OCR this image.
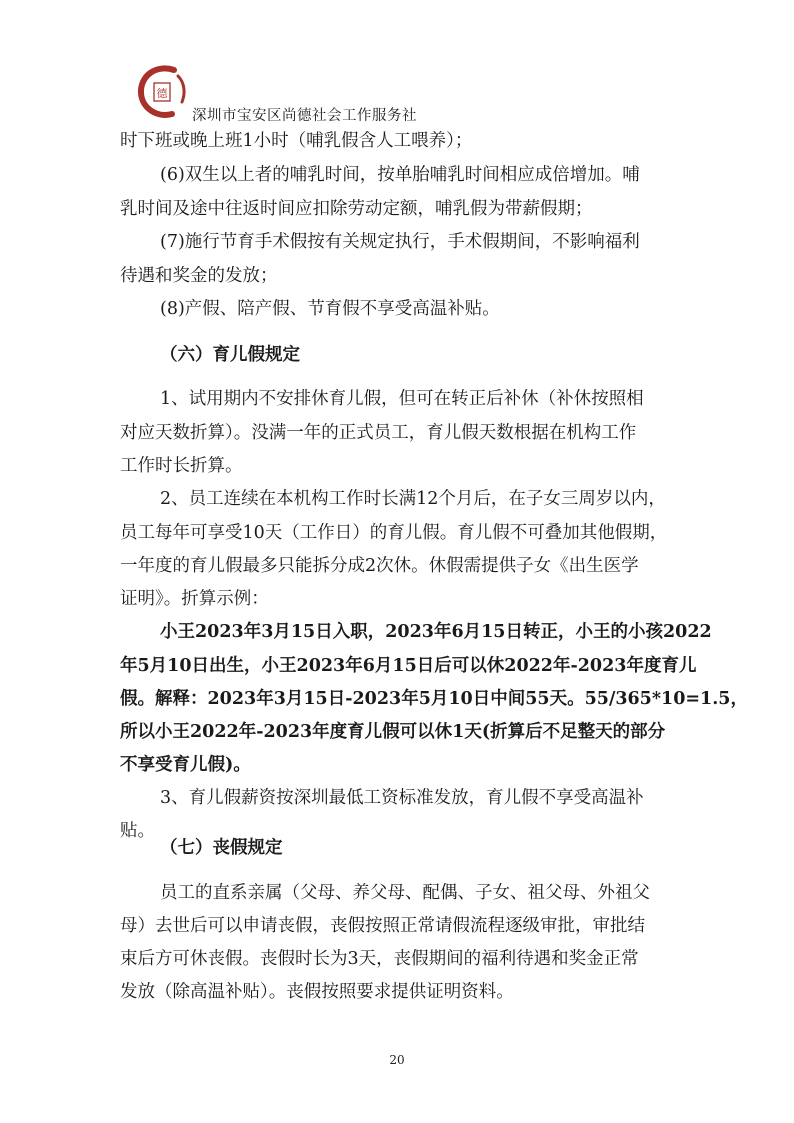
德
深圳市宝安区尚德社会工作服务社
时下班或晚上班1小时（哺乳假含人工喂养）；
(6)双生以上者的哺乳时间，按单胎哺乳时间相应成倍增加。哺
乳时间及途中往返时间应扣除劳动定额，哺乳假为带薪假期；
(7)施行节育手术假按有关规定执行，手术假期间，不影响福利
待遇和奖金的发放；
(8)产假、陪产假、节育假不享受高温补贴。
（六）育儿假规定
1、试用期内不安排休育儿假，但可在转正后补休（补休按照相
对应天数折算）。没满一年的正式员工，育儿假天数根据在机构工作
工作时长折算。
2、员工连续在本机构工作时长满12个月后，在子女三周岁以内，
员工每年可享受10天（工作日）的育儿假。育儿假不可叠加其他假期，
一年度的育儿假最多只能拆分成2次休。休假需提供子女《出生医学
证明》。折算示例：
小王2023年3月15日入职，2023年6月15日转正，小王的小孩2022
年5月10日出生，小王2023年6月15日后可以休2022年-2023年度育儿
假。解释：2023年3月15日-2023年5月10日中间55天。55/365*10=1.5，
所以小王2022年-2023年度育儿假可以休1天(折算后不足整天的部分
不享受育儿假)。
3、育儿假薪资按深圳最低工资标准发放，育儿假不享受高温补
贴。
（七）丧假规定
员工的直系亲属（父母、养父母、配偶、子女、祖父母、外祖父
母）去世后可以申请丧假，丧假按照正常请假流程逐级审批，审批结
束后方可休丧假。丧假时长为3天，丧假期间的福利待遇和奖金正常
发放（除高温补贴）。丧假按照要求提供证明资料。
20
